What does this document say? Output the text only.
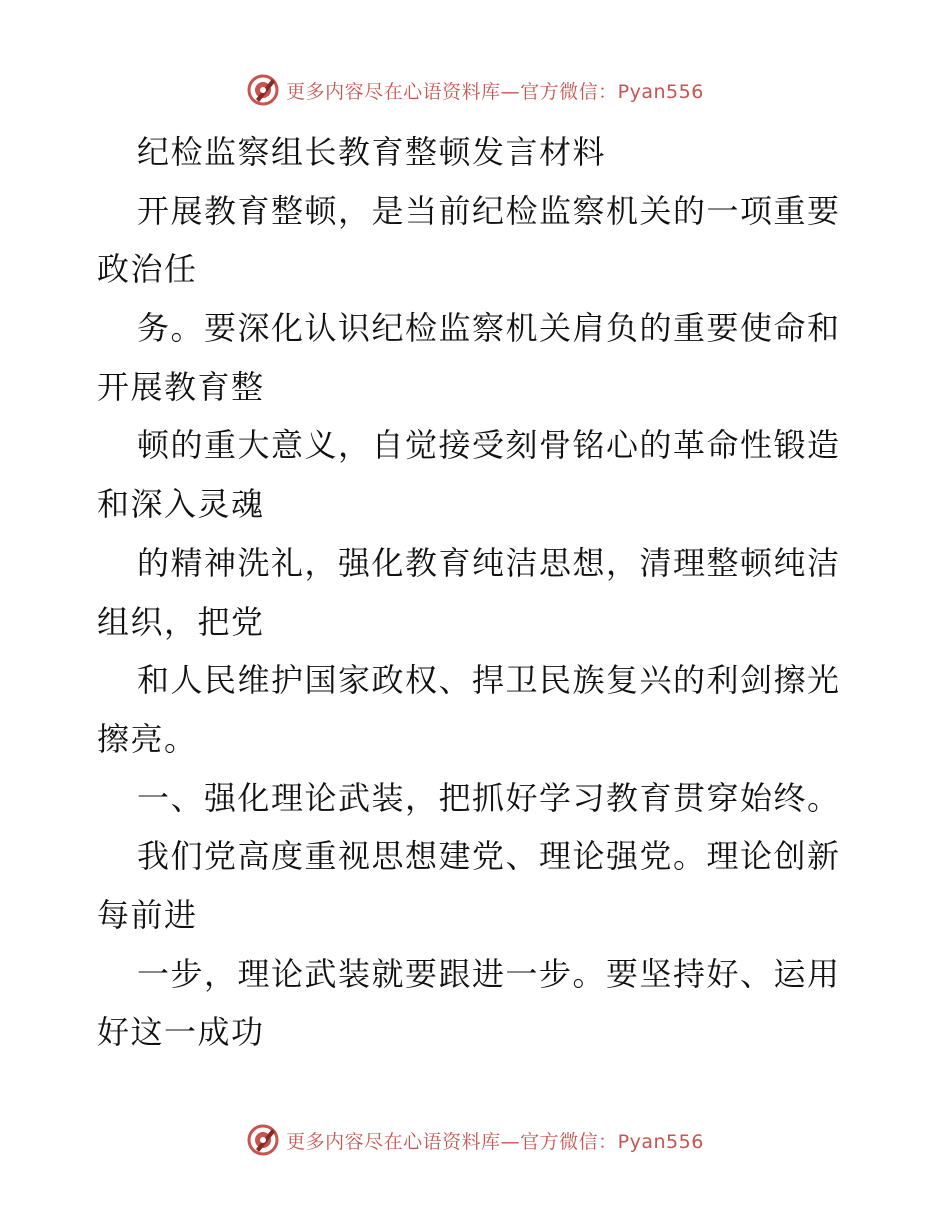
更多内容尽在心语资料库—官方微信：Pyan556
纪检监察组长教育整顿发言材料
开展教育整顿，是当前纪检监察机关的一项重要
政治任
务。要深化认识纪检监察机关肩负的重要使命和
开展教育整
顿的重大意义，自觉接受刻骨铭心的革命性锻造
和深入灵魂
的精神洗礼，强化教育纯洁思想，清理整顿纯洁
组织，把党
和人民维护国家政权、捍卫民族复兴的利剑擦光
擦亮。
一、强化理论武装，把抓好学习教育贯穿始终。
我们党高度重视思想建党、理论强党。理论创新
每前进
一步，理论武装就要跟进一步。要坚持好、运用
好这一成功
更多内容尽在心语资料库—官方微信：Pyan556
